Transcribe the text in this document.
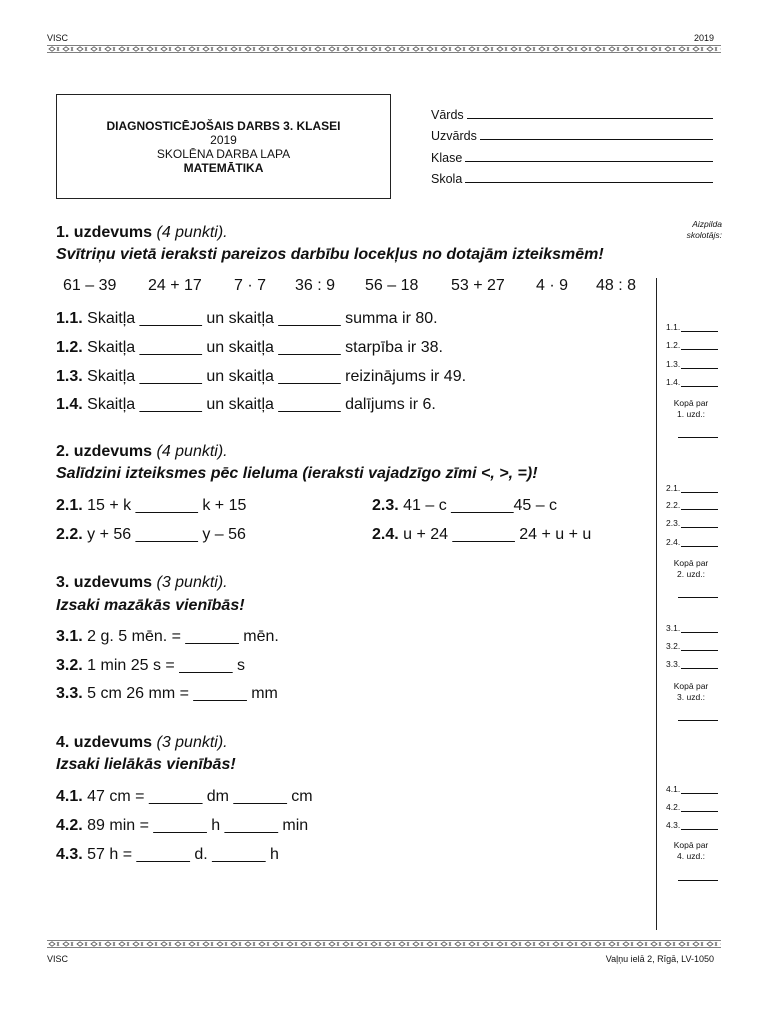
VISC	2019
DIAGNOSTICĒJOŠAIS DARBS 3. KLASEI
2019
SKOLĒNA DARBA LAPA
MATEMĀTIKA
Vārds
Uzvārds
Klase
Skola
Aizpilda
skolotājs:
1.1.
1.2.
1.3.
1.4.
Kopā par
1. uzd.:
2.1.
2.2.
2.3.
2.4.
Kopā par
2. uzd.:
3.1.
3.2.
3.3.
Kopā par
3. uzd.:
4.1.
4.2.
4.3.
Kopā par
4. uzd.:
1. uzdevums (4 punkti).
Svītriņu vietā ieraksti pareizos darbību locekļus no dotajām izteiksmēm!
61 – 39 24 + 17 7 · 7 36 : 9 56 – 18 53 + 27 4 · 9 48 : 8
1.1. Skaitļa _______ un skaitļa _______ summa ir 80.
1.2. Skaitļa _______ un skaitļa _______ starpība ir 38.
1.3. Skaitļa _______ un skaitļa _______ reizinājums ir 49.
1.4. Skaitļa _______ un skaitļa _______ dalījums ir 6.
2. uzdevums (4 punkti).
Salīdzini izteiksmes pēc lieluma (ieraksti vajadzīgo zīmi <, >, =)!
2.1. 15 + k _______ k + 15	2.3. 41 – c _______45 – c
2.2. y + 56 _______ y – 56	2.4. u + 24 _______ 24 + u + u
3. uzdevums (3 punkti).
Izsaki mazākās vienībās!
3.1. 2 g. 5 mēn. = ______ mēn.
3.2. 1 min 25 s = ______ s
3.3. 5 cm 26 mm = ______ mm
4. uzdevums (3 punkti).
Izsaki lielākās vienībās!
4.1. 47 cm = ______ dm ______ cm
4.2. 89 min = ______ h ______ min
4.3. 57 h = ______ d. ______ h
VISC	Vaļņu ielā 2, Rīgā, LV-1050
